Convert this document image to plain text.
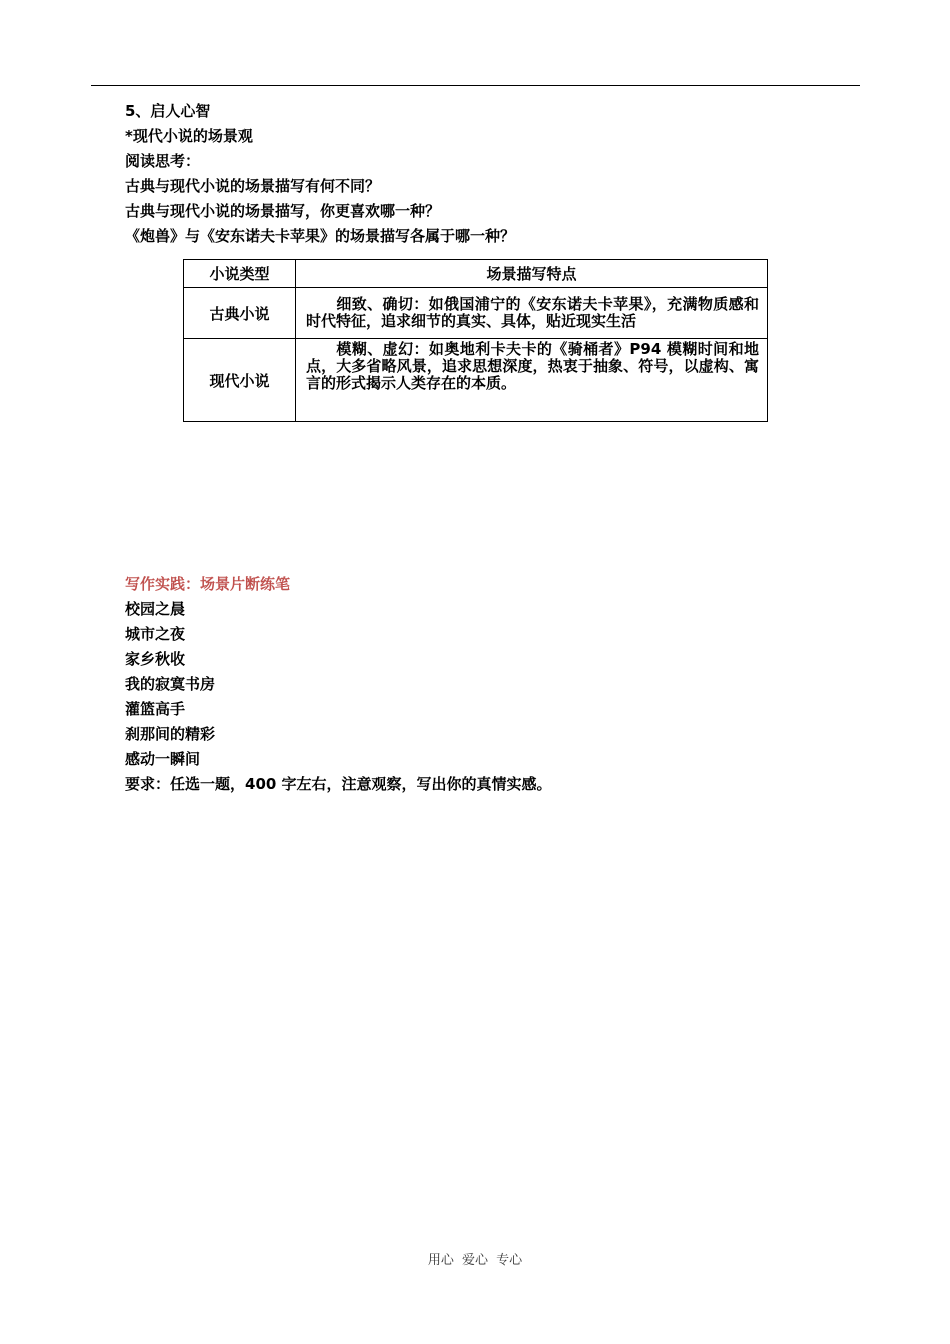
5、启人心智
*现代小说的场景观
阅读思考：
古典与现代小说的场景描写有何不同？
古典与现代小说的场景描写，你更喜欢哪一种？
《炮兽》与《安东诺夫卡苹果》的场景描写各属于哪一种？
小说类型	场景描写特点
古典小说	细致、确切：如俄国浦宁的《安东诺夫卡苹果》，充满物质感和时代特征，追求细节的真实、具体，贴近现实生活
现代小说	模糊、虚幻：如奥地利卡夫卡的《骑桶者》P94 模糊时间和地点，大多省略风景，追求思想深度，热衷于抽象、符号，以虚构、寓言的形式揭示人类存在的本质。
写作实践：场景片断练笔
校园之晨
城市之夜
家乡秋收
我的寂寞书房
灌篮高手
刹那间的精彩
感动一瞬间
要求：任选一题，400 字左右，注意观察，写出你的真情实感。
用心 爱心 专心
